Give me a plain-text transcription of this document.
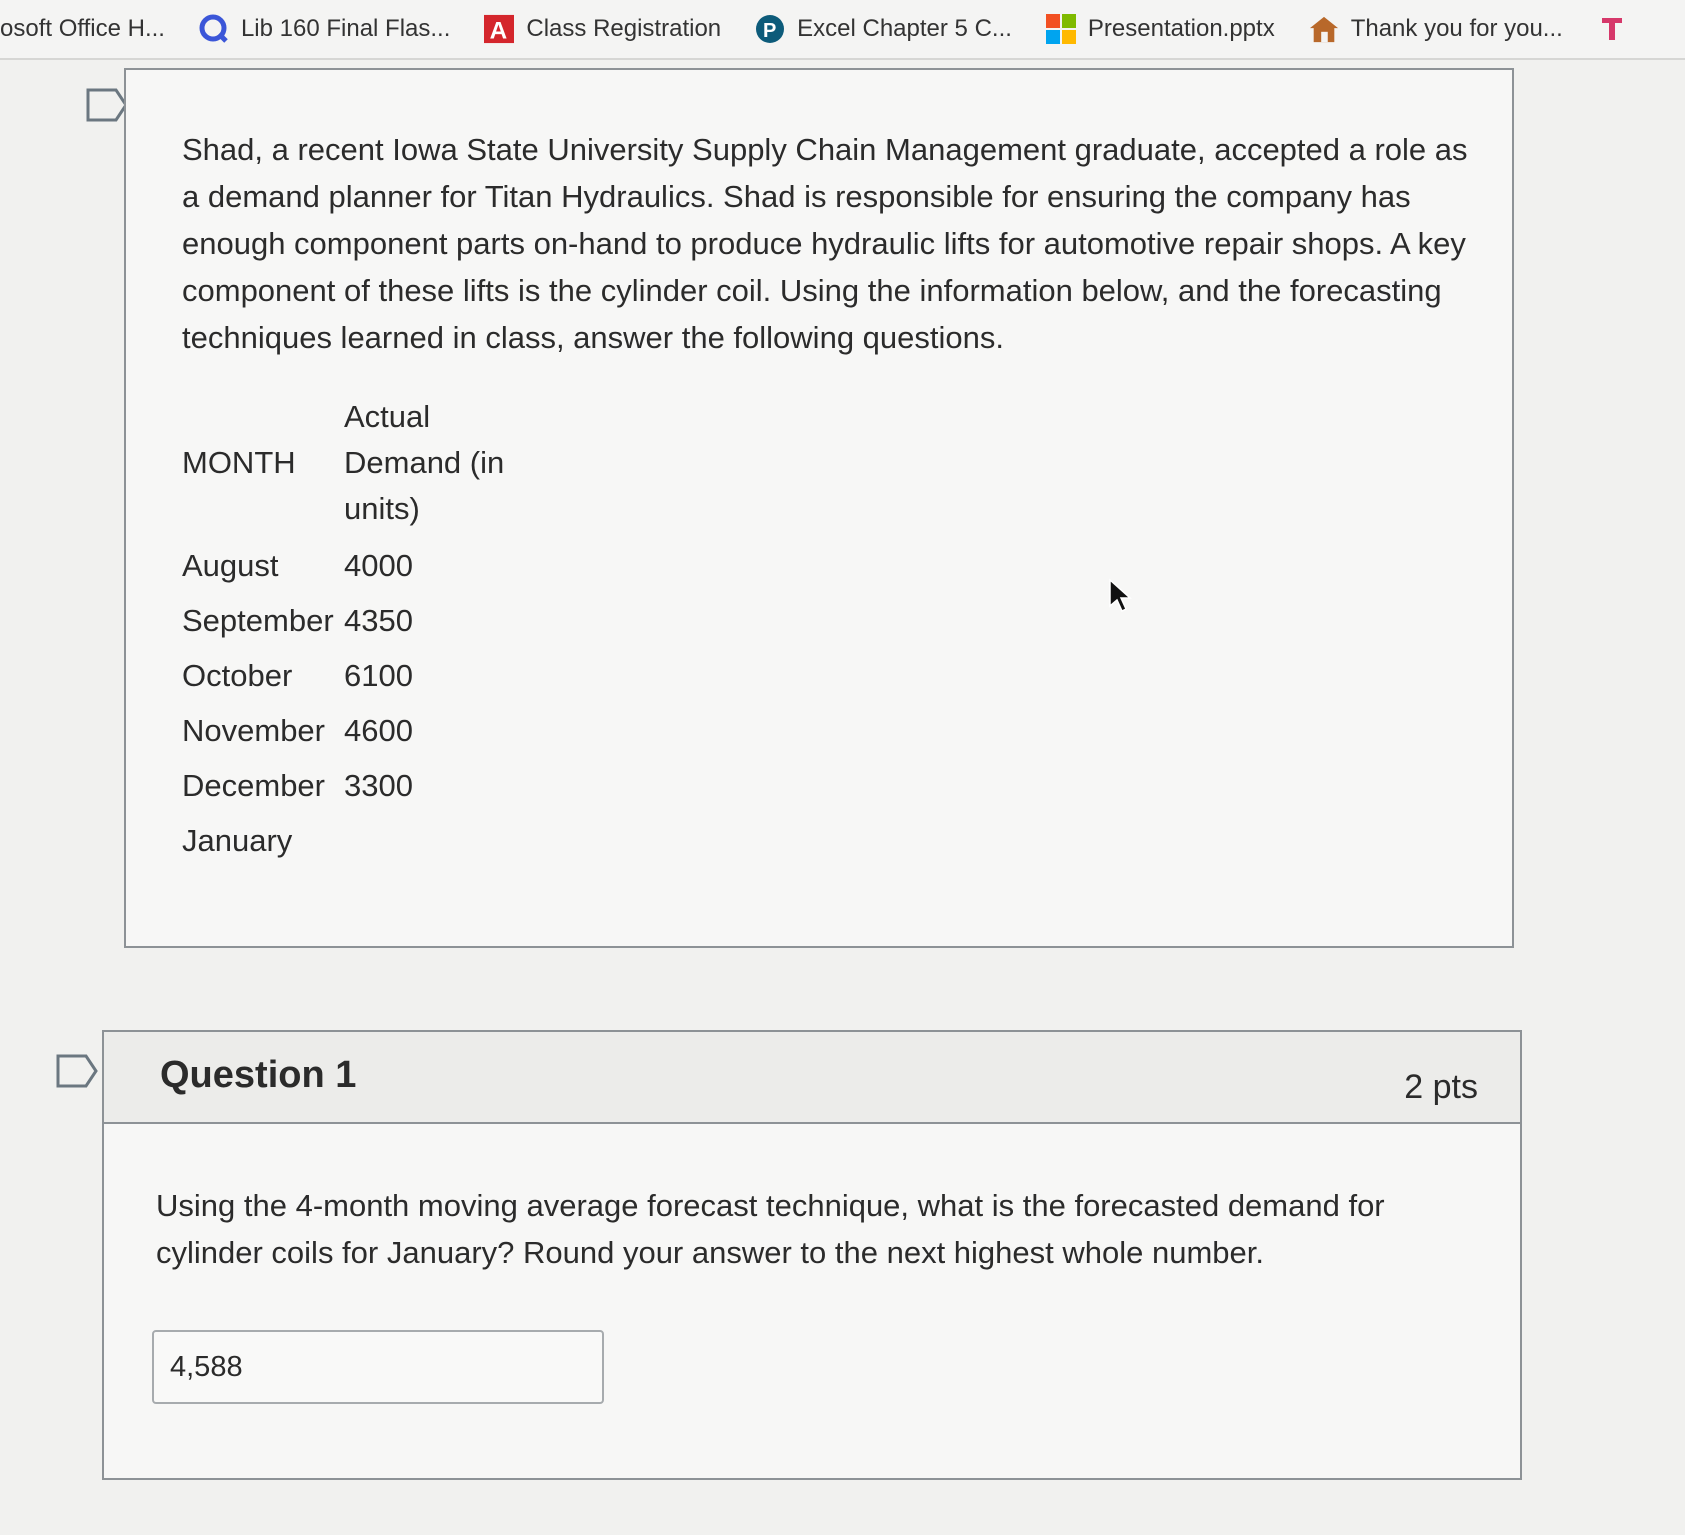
osoft Office H...	Lib 160 Final Flas... A Class Registration P Excel Chapter 5 C...	Presentation.pptx	Thank you for you...
Shad, a recent Iowa State University Supply Chain Management graduate, accepted a role as a demand planner for Titan Hydraulics. Shad is responsible for ensuring the company has enough component parts on-hand to produce hydraulic lifts for automotive repair shops. A key component of these lifts is the cylinder coil. Using the information below, and the forecasting techniques learned in class, answer the following questions.
MONTH	Actual
Demand (in
units)

August	4000
September	4350
October	6100
November	4600
December	3300
January	
Question 1	2 pts
Using the 4-month moving average forecast technique, what is the forecasted demand for cylinder coils for January? Round your answer to the next highest whole number.
4,588
